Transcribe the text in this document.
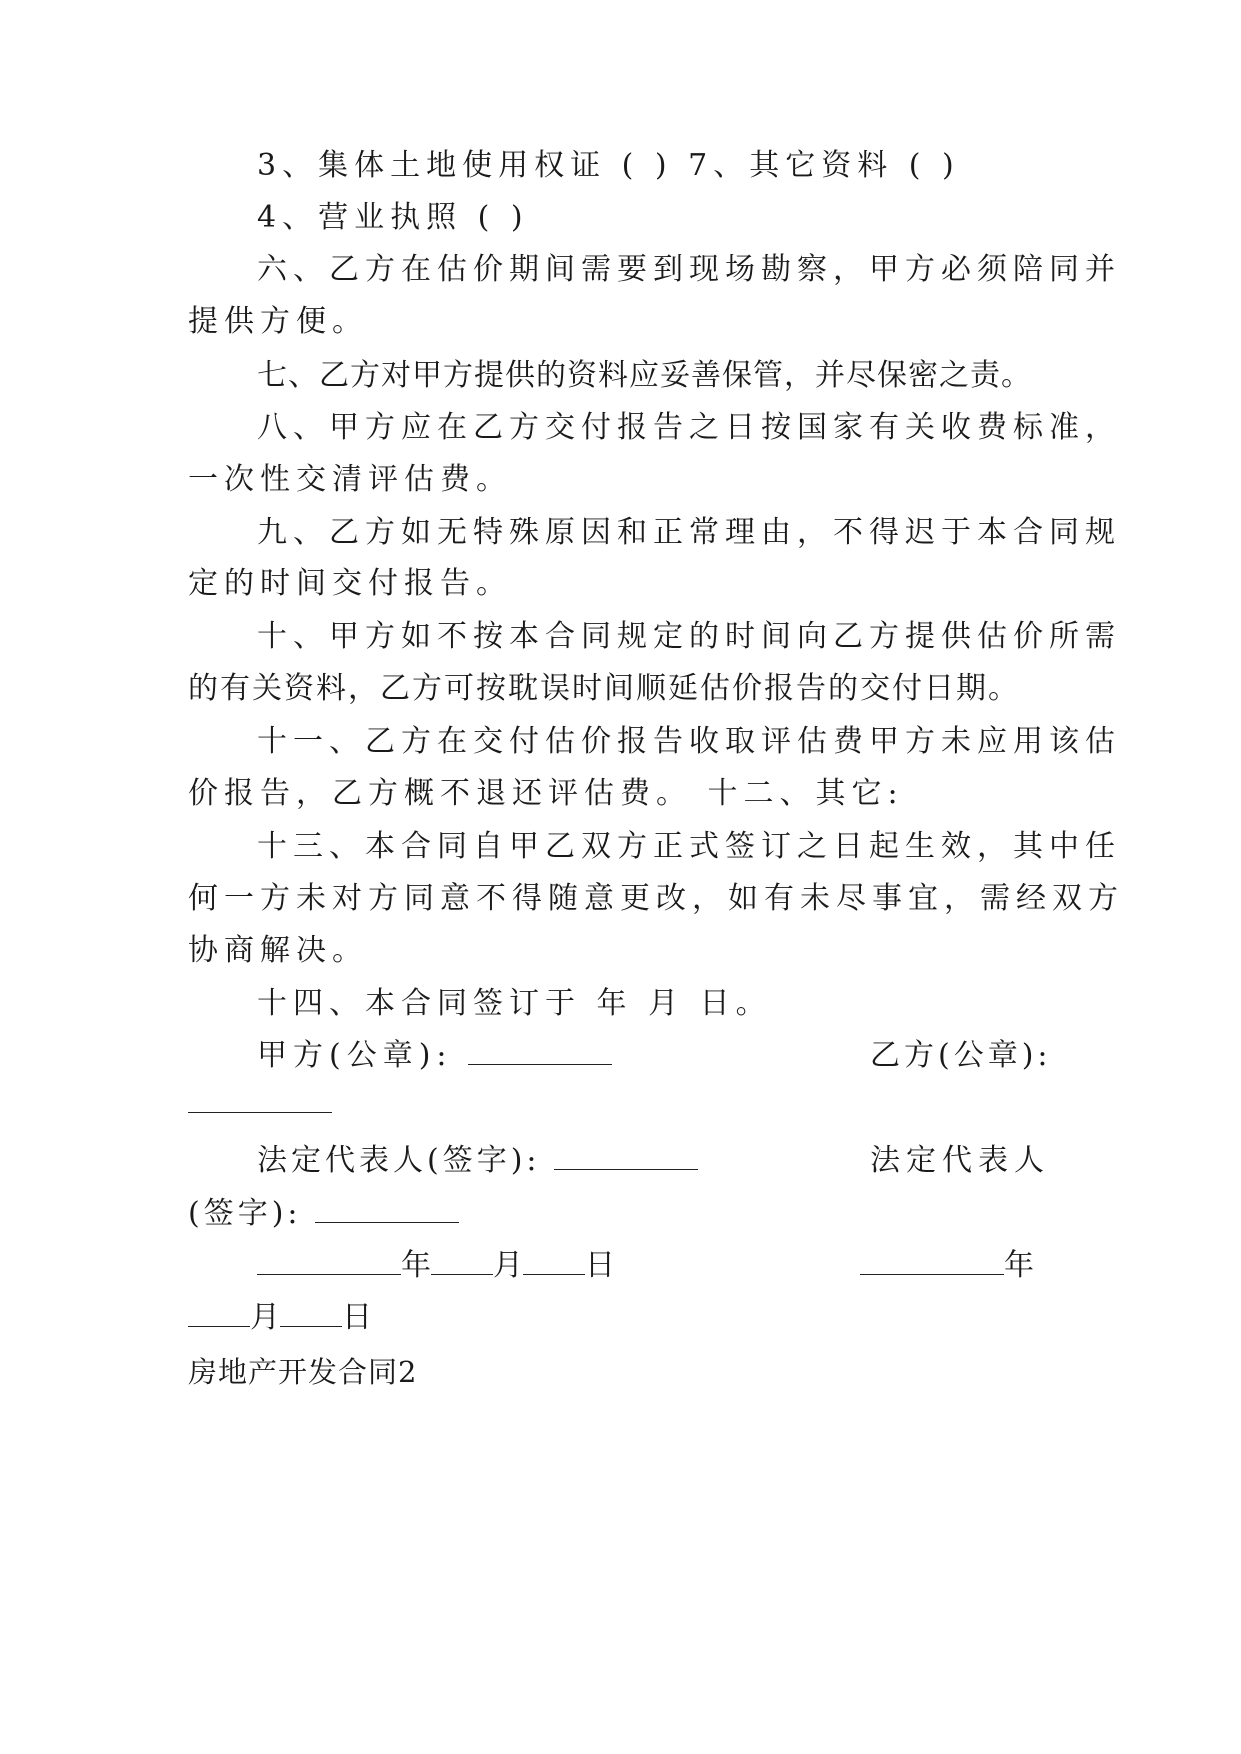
3、集体土地使用权证 ( ) 7、其它资料 ( )
4、营业执照 ( )
六、乙方在估价期间需要到现场勘察，甲方必须陪同并
提供方便。
七、乙方对甲方提供的资料应妥善保管，并尽保密之责。
八、甲方应在乙方交付报告之日按国家有关收费标准，
一次性交清评估费。
九、乙方如无特殊原因和正常理由，不得迟于本合同规
定的时间交付报告。
十、甲方如不按本合同规定的时间向乙方提供估价所需
的有关资料，乙方可按耽误时间顺延估价报告的交付日期。
十一、乙方在交付估价报告收取评估费甲方未应用该估
价报告，乙方概不退还评估费。 十二、其它:
十三、本合同自甲乙双方正式签订之日起生效，其中任
何一方未对方同意不得随意更改，如有未尽事宜，需经双方
协商解决。
十四、本合同签订于 年 月 日。
甲方(公章):	乙方(公章):
法定代表人(签字):	法定代表人
(签字):
年 月 日	年
月 日
房地产开发合同2
